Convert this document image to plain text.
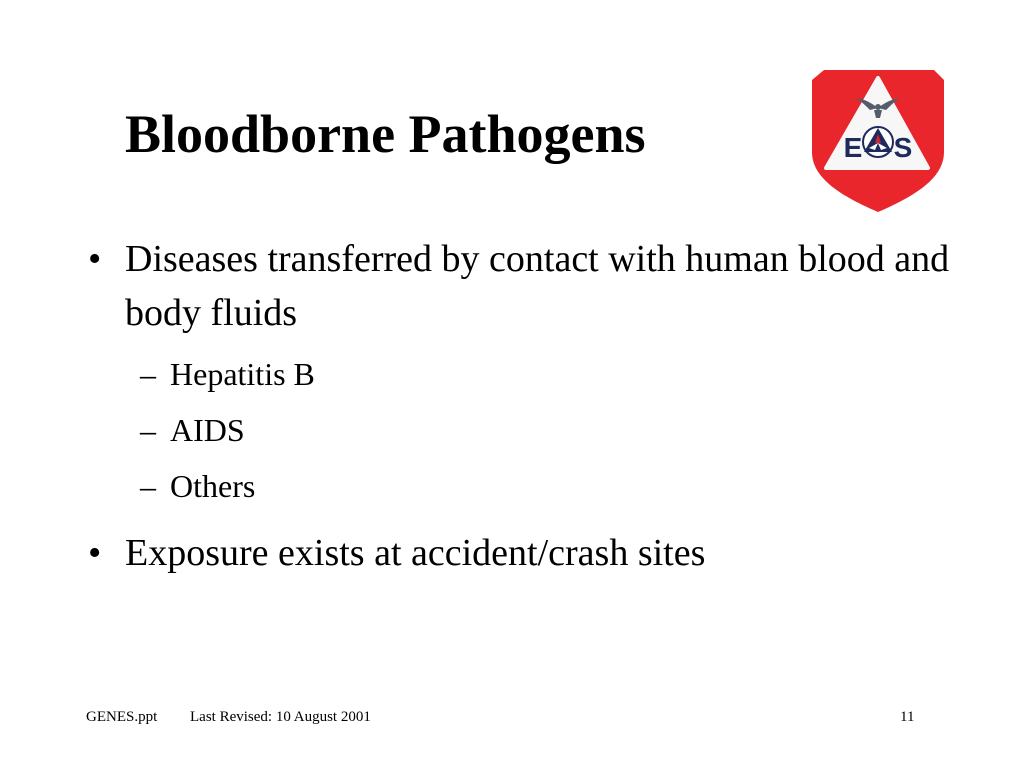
Bloodborne Pathogens	E S
• Diseases transferred by contact with human blood and body fluids
– Hepatitis B
– AIDS
– Others
• Exposure exists at accident/crash sites
GENES.ppt Last Revised: 10 August 2001	11
